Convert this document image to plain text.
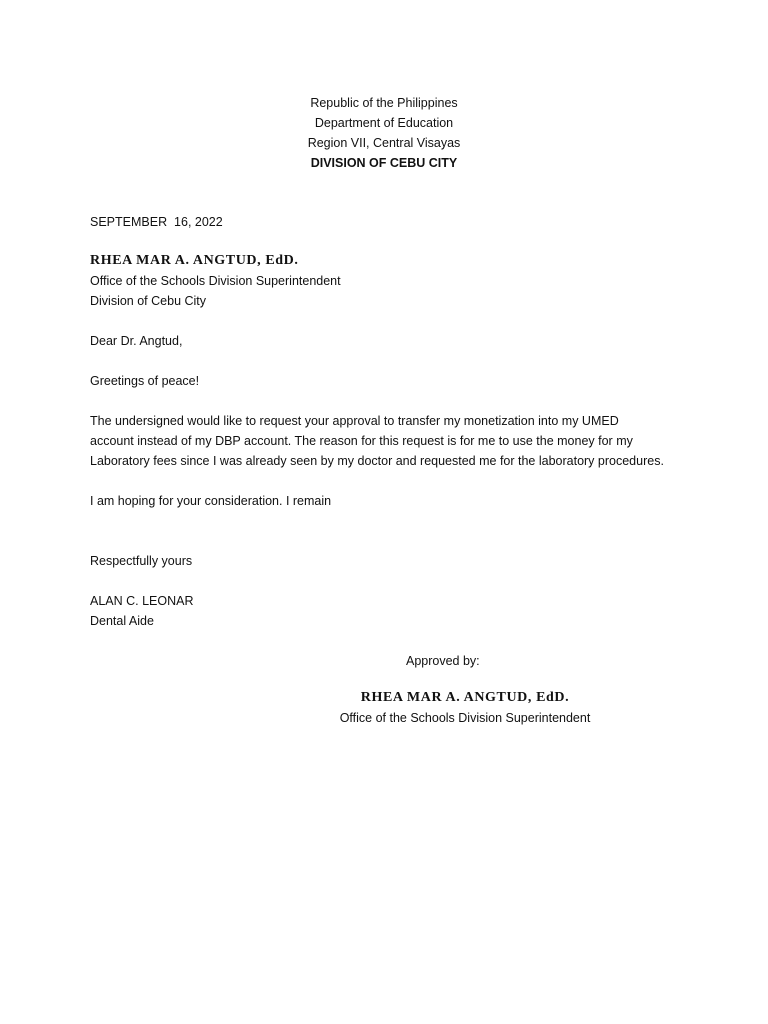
Republic of the Philippines
Department of Education
Region VII, Central Visayas
DIVISION OF CEBU CITY
SEPTEMBER  16, 2022
RHEA MAR A. ANGTUD, EdD.
Office of the Schools Division Superintendent
Division of Cebu City
Dear Dr. Angtud,
Greetings of peace!
The undersigned would like to request your approval to transfer my monetization into my UMED
account instead of my DBP account. The reason for this request is for me to use the money for my
Laboratory fees since I was already seen by my doctor and requested me for the laboratory procedures.
I am hoping for your consideration. I remain
Respectfully yours
ALAN C. LEONAR
Dental Aide
Approved by:
RHEA MAR A. ANGTUD, EdD.
Office of the Schools Division Superintendent
